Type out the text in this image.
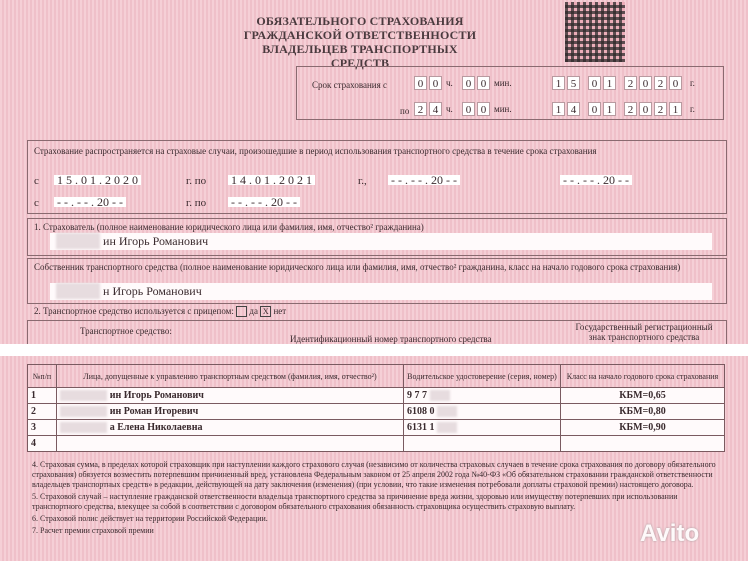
ОБЯЗАТЕЛЬНОГО СТРАХОВАНИЯ
ГРАЖДАНСКОЙ ОТВЕТСТВЕННОСТИ
ВЛАДЕЛЬЦЕВ ТРАНСПОРТНЫХ СРЕДСТВ
Срок страхования с
по
0 0 ч.	0 0 мин.	1 5	0 1	2 0 2 0	г.
2 4 ч.	0 0 мин.	1 4	0 1	2 0 2 1	г.
Страхование распространяется на страховые случаи, произошедшие в период использования транспортного средства в течение срока страхования
с 1 5 . 0 1 . 2 0 2 0	г. по 1 4 . 0 1 . 2 0 2 1	г., - - . - - . 20 - -	- - . - - . 20 - -
с - - . - - . 20 - -	г. по - - . - - . 20 - -
1. Страхователь (полное наименование юридического лица или фамилия, имя, отчество² гражданина)
ин Игорь Романович
Собственник транспортного средства (полное наименование юридического лица или фамилия, имя, отчество² гражданина, класс на начало годового срока страхования)
н Игорь Романович
2. Транспортное средство используется с прицепом: да X нет
Транспортное средство:
Идентификационный номер транспортного средства
Государственный регистрационный знак транспортного средства
№п/п	Лица, допущенные к управлению транспортным средством (фамилия, имя, отчество²)	Водительское удостоверение (серия, номер)	Класс на начало годового срока страхования
1	ин Игорь Романович	9 7 7	КБМ=0,65
2	ин Роман Игоревич	6108 0	КБМ=0,80
3	а Елена Николаевна	6131 1	КБМ=0,90
4			

4. Страховая сумма, в пределах которой страховщик при наступлении каждого страхового случая (независимо от количества страховых случаев в течение срока страхования по договору обязательного страхования) обязуется возместить потерпевшим причиненный вред, установлена Федеральным законом от 25 апреля 2002 года №40-ФЗ «Об обязательном страховании гражданской ответственности владельцев транспортных средств» в редакции, действующей на дату заключения (изменения) (при условии, что такие изменения потребовали доплаты страховой премии) настоящего договора.

5. Страховой случай – наступление гражданской ответственности владельца транспортного средства за причинение вреда жизни, здоровью или имуществу потерпевших при использовании транспортного средства, влекущее за собой в соответствии с договором обязательного страхования обязанность страховщика осуществить страховую выплату.

6. Страховой полис действует на территории Российской Федерации.

7. Расчет премии страховой премии	Avito
